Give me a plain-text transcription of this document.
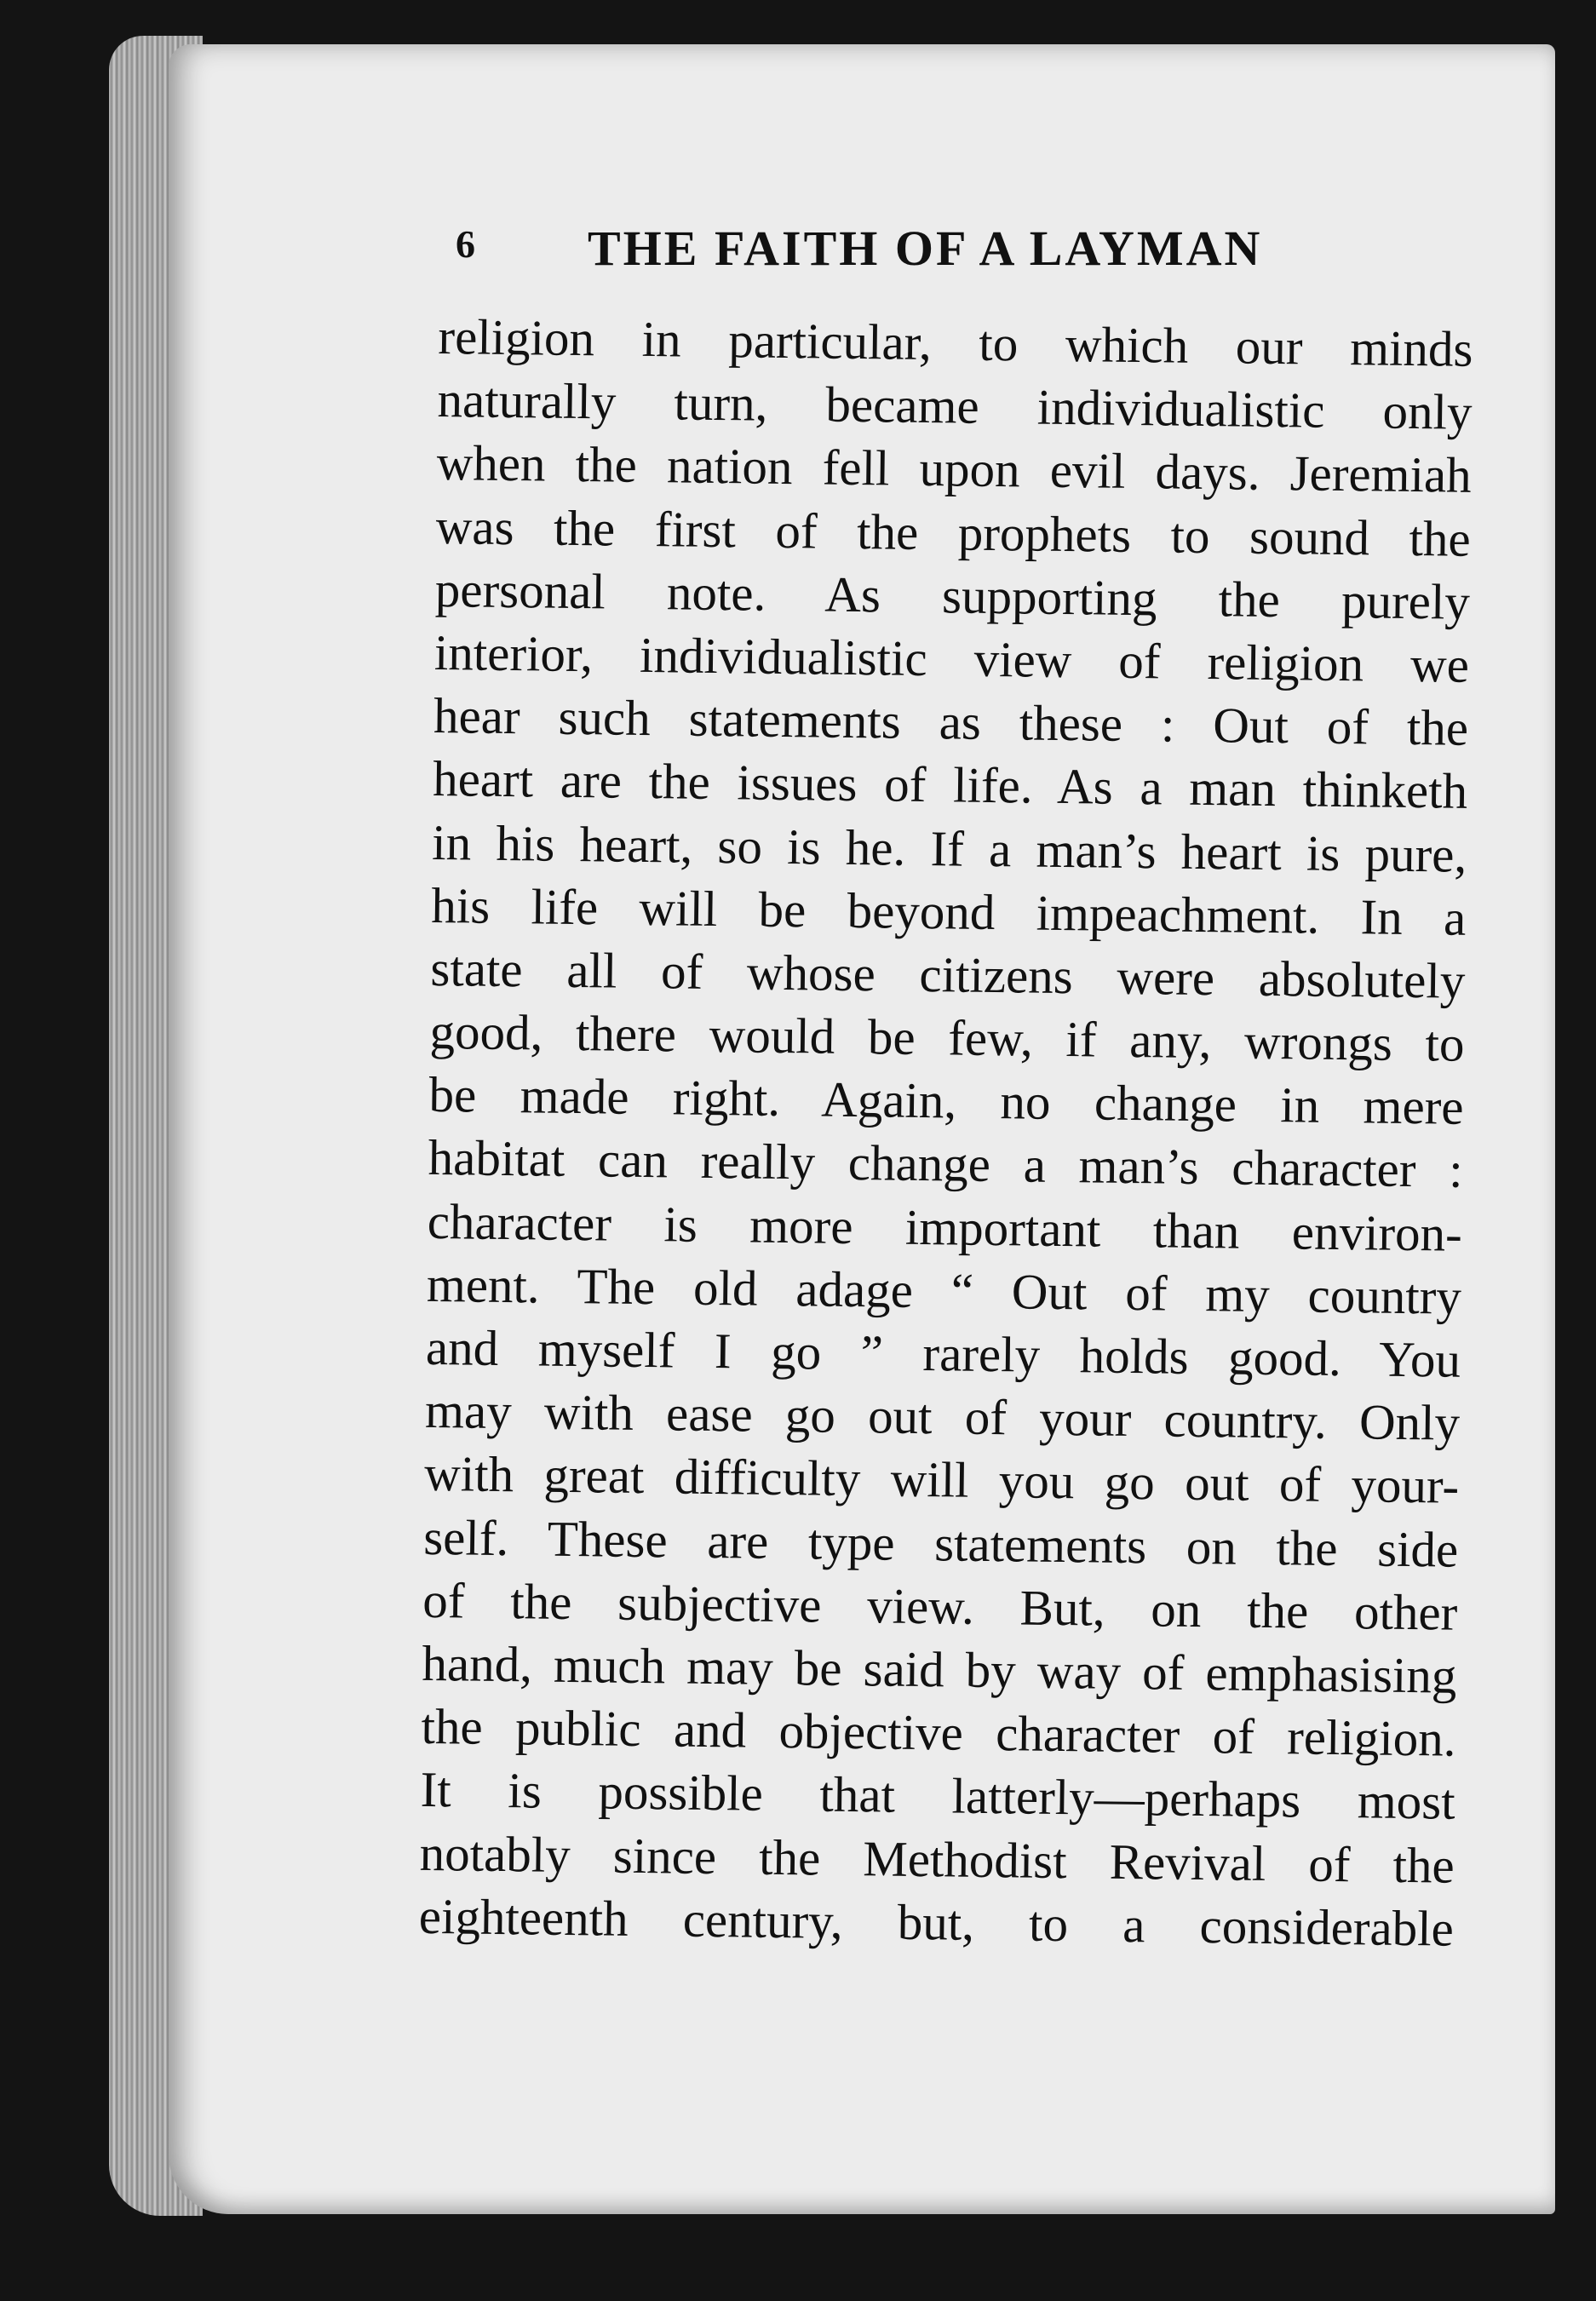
6 THE FAITH OF A LAYMAN
religion in particular, to which our minds
naturally turn, became individualistic only
when the nation fell upon evil days. Jeremiah
was the first of the prophets to sound the
personal note. As supporting the purely
interior, individualistic view of religion we
hear such statements as these : Out of the
heart are the issues of life. As a man thinketh
in his heart, so is he. If a man’s heart is pure,
his life will be beyond impeachment. In a
state all of whose citizens were absolutely
good, there would be few, if any, wrongs to
be made right. Again, no change in mere
habitat can really change a man’s character :
character is more important than environ-
ment. The old adage “ Out of my country
and myself I go ” rarely holds good. You
may with ease go out of your country. Only
with great difficulty will you go out of your-
self. These are type statements on the side
of the subjective view. But, on the other
hand, much may be said by way of emphasising
the public and objective character of religion.
It is possible that latterly—perhaps most
notably since the Methodist Revival of the
eighteenth century, but, to a considerable
